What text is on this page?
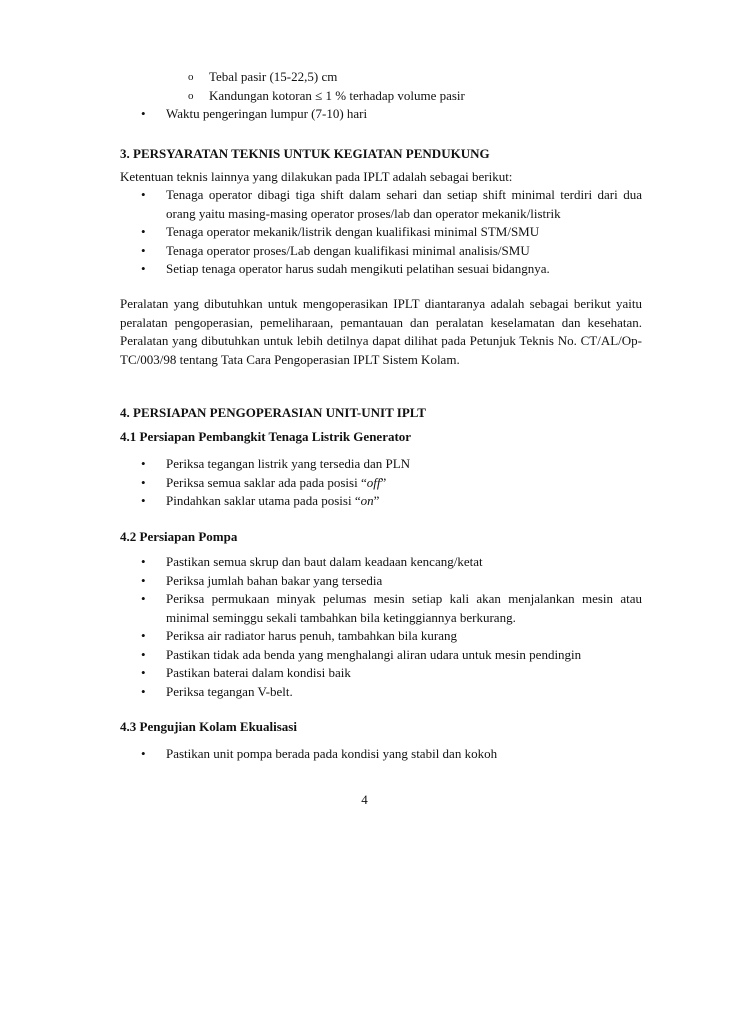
o Tebal pasir (15-22,5) cm
o Kandungan kotoran ≤ 1 % terhadap volume pasir
• Waktu pengeringan lumpur (7-10) hari
3. PERSYARATAN TEKNIS UNTUK KEGIATAN PENDUKUNG
Ketentuan teknis lainnya yang dilakukan pada IPLT adalah sebagai berikut:
• Tenaga operator dibagi tiga shift dalam sehari dan setiap shift minimal terdiri dari dua orang yaitu masing-masing operator proses/lab dan operator mekanik/listrik
• Tenaga operator mekanik/listrik dengan kualifikasi minimal STM/SMU
• Tenaga operator proses/Lab dengan kualifikasi minimal analisis/SMU
• Setiap tenaga operator harus sudah mengikuti pelatihan sesuai bidangnya.
Peralatan yang dibutuhkan untuk mengoperasikan IPLT diantaranya adalah sebagai berikut yaitu peralatan pengoperasian, pemeliharaan, pemantauan dan peralatan keselamatan dan kesehatan. Peralatan yang dibutuhkan untuk lebih detilnya dapat dilihat pada Petunjuk Teknis No. CT/AL/Op-TC/003/98 tentang Tata Cara Pengoperasian IPLT Sistem Kolam.
4. PERSIAPAN PENGOPERASIAN UNIT-UNIT IPLT
4.1 Persiapan Pembangkit Tenaga Listrik Generator
• Periksa tegangan listrik yang tersedia dan PLN
• Periksa semua saklar ada pada posisi “off”
• Pindahkan saklar utama pada posisi “on”
4.2 Persiapan Pompa
• Pastikan semua skrup dan baut dalam keadaan kencang/ketat
• Periksa jumlah bahan bakar yang tersedia
• Periksa permukaan minyak pelumas mesin setiap kali akan menjalankan mesin atau minimal seminggu sekali tambahkan bila ketinggiannya berkurang.
• Periksa air radiator harus penuh, tambahkan bila kurang
• Pastikan tidak ada benda yang menghalangi aliran udara untuk mesin pendingin
• Pastikan baterai dalam kondisi baik
• Periksa tegangan V-belt.
4.3 Pengujian Kolam Ekualisasi
• Pastikan unit pompa berada pada kondisi yang stabil dan kokoh
4
